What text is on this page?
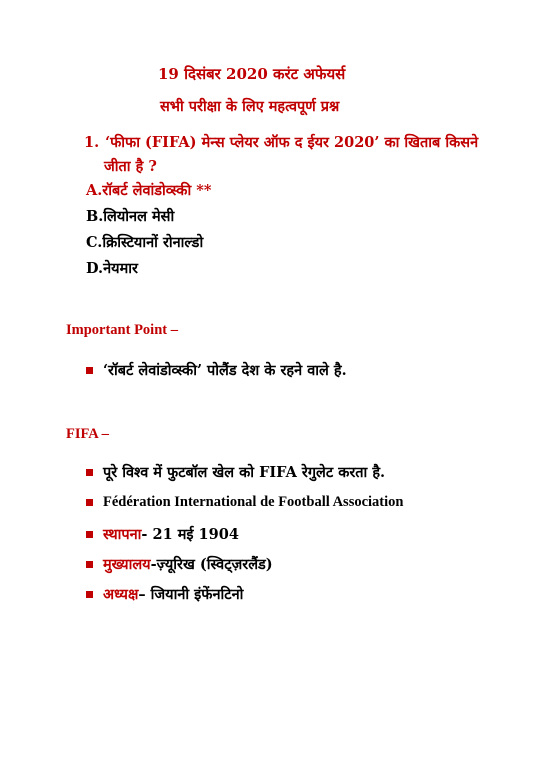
19 दिसंबर 2020 करंट अफेयर्स
सभी परीक्षा के लिए महत्वपूर्ण प्रश्न
1. ‘फीफा (FIFA) मेन्स प्लेयर ऑफ द ईयर 2020’ का खिताब किसने
जीता है ?
A.रॉबर्ट लेवांडोव्स्की **
B.लियोनल मेसी
C.क्रिस्टियानों रोनाल्डो
D.नेयमार
Important Point –
‘रॉबर्ट लेवांडोव्स्की’ पोलैंड देश के रहने वाले है.
FIFA –
पूरे विश्व में फुटबॉल खेल को FIFA रेगुलेट करता है.
Fédération International de Football Association
स्थापना - 21 मई 1904
मुख्यालय -ज़्यूरिख (स्विट्ज़रलैंड)
अध्यक्ष – जियानी इंफेंनटिनो
